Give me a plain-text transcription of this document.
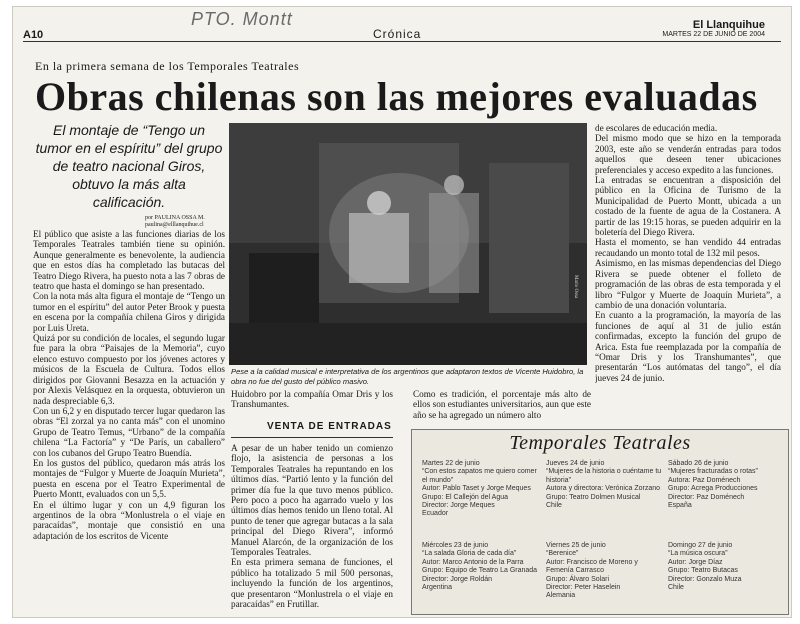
PTO. Montt
A10	Crónica
El Llanquihue
MARTES 22 DE JUNIO DE 2004
En la primera semana de los Temporales Teatrales
Obras chilenas son las mejores evaluadas
El montaje de “Tengo un tumor en el espíritu” del grupo de teatro nacional Giros, obtuvo la más alta calificación.
por PAULINA OSSA M. paulina@elllanquihue.cl

El público que asiste a las funciones diarias de los Temporales Teatrales también tiene su opinión. Aunque generalmente es benevolente, la audiencia que en estos días ha completado las butacas del Teatro Diego Rivera, ha puesto nota a las 7 obras de teatro que hasta el domingo se han presentado.

Con la nota más alta figura el montaje de “Tengo un tumor en el espíritu” del autor Peter Brook y puesta en escena por la compañía chilena Giros y dirigida por Luis Ureta.

Quizá por su condición de locales, el segundo lugar fue para la obra “Paisajes de la Memoria”, cuyo elenco estuvo compuesto por los jóvenes actores y músicos de la Escuela de Cultura. Todos ellos dirigidos por Giovanni Besazza en la actuación y por Alexis Velásquez en la orquesta, obtuvieron un nada despreciable 6,3.

Con un 6,2 y en disputado tercer lugar quedaron las obras “El zorzal ya no canta más” con el unomino Grupo de Teatro Temus, “Urbano” de la compañía chilena “La Factoría” y “De París, un caballero” con los cubanos del Grupo Teatro Buendía.

En los gustos del público, quedaron más atrás los montajes de “Fulgor y Muerte de Joaquín Murieta”, puesta en escena por el Teatro Experimental de Puerto Montt, evaluados con un 5,5.

En el último lugar y con un 4,9 figuran los argentinos de la obra “Monlustrela o el viaje en paracaídas”, montaje que consistió en una adaptación de los escritos de Vicente

Mario Ossa
Pese a la calidad musical e interpretativa de los argentinos que adaptaron textos de Vicente Huidobro, la obra no fue del gusto del público masivo.
Huidobro por la compañía Omar Dris y los Transhumantes.
Como es tradición, el porcentaje más alto de ellos son estudiantes universitarios, aun que este año se ha agregado un número alto
VENTA DE ENTRADAS

A pesar de un haber tenido un comienzo flojo, la asistencia de personas a los Temporales Teatrales ha repuntando en los últimos días. “Partió lento y la función del primer día fue la que tuvo menos público. Pero poco a poco ha agarrado vuelo y los últimos días hemos tenido un lleno total. Al punto de tener que agregar butacas a la sala principal del Diego Rivera”, informó Manuel Alarcón, de la organización de los Temporales Teatrales.

En esta primera semana de funciones, el público ha totalizado 5 mil 500 personas, incluyendo la función de los argentinos, que presentaron “Monlustrela o el viaje en paracaídas” en Frutillar.

de escolares de educación media.

Del mismo modo que se hizo en la temporada 2003, este año se venderán entradas para todos aquellos que deseen tener ubicaciones preferenciales y acceso expedito a las funciones.

La entradas se encuentran a disposición del público en la Oficina de Turismo de la Municipalidad de Puerto Montt, ubicada a un costado de la fuente de agua de la Costanera. A partir de las 19:15 horas, se pueden adquirir en la boletería del Diego Rivera.

Hasta el momento, se han vendido 44 entradas recaudando un monto total de 132 mil pesos.

Asimismo, en las mismas dependencias del Diego Rivera se puede obtener el folleto de programación de las obras de esta temporada y el libro “Fulgor y Muerte de Joaquín Murieta”, a cambio de una donación voluntaria.

En cuanto a la programación, la mayoría de las funciones de aquí al 31 de julio están confirmadas, excepto la función del grupo de Arica. Esta fue reemplazada por la compañía de “Omar Dris y los Transhumantes”, que presentarán “Los autómatas del tango”, el día jueves 24 de junio.

Temporales Teatrales
Martes 22 de junio
“Con estos zapatos me quiero comer el mundo”
Autor: Pablo Taset y Jorge Meques
Grupo: El Callejón del Agua
Director: Jorge Meques
Ecuador
Jueves 24 de junio
“Mujeres de la historia o cuéntame tu historia”
Autora y directora: Verónica Zorzano
Grupo: Teatro Dolmen Musical
Chile
Sábado 26 de junio
“Mujeres fracturadas o rotas”
Autora: Paz Doménech
Grupo: Acrega Producciones
Director: Paz Doménech
España
Miércoles 23 de junio
“La salada Gloria de cada día”
Autor: Marco Antonio de la Parra
Grupo: Equipo de Teatro La Granada
Director: Jorge Roldán
Argentina
Viernes 25 de junio
“Berenice”
Autor: Francisco de Moreno y Femenía Carrasco
Grupo: Álvaro Solari
Director: Peter Haselein
Alemania
Domingo 27 de junio
“La música oscura”
Autor: Jorge Díaz
Grupo: Teatro Butacas
Director: Gonzalo Muza
Chile
